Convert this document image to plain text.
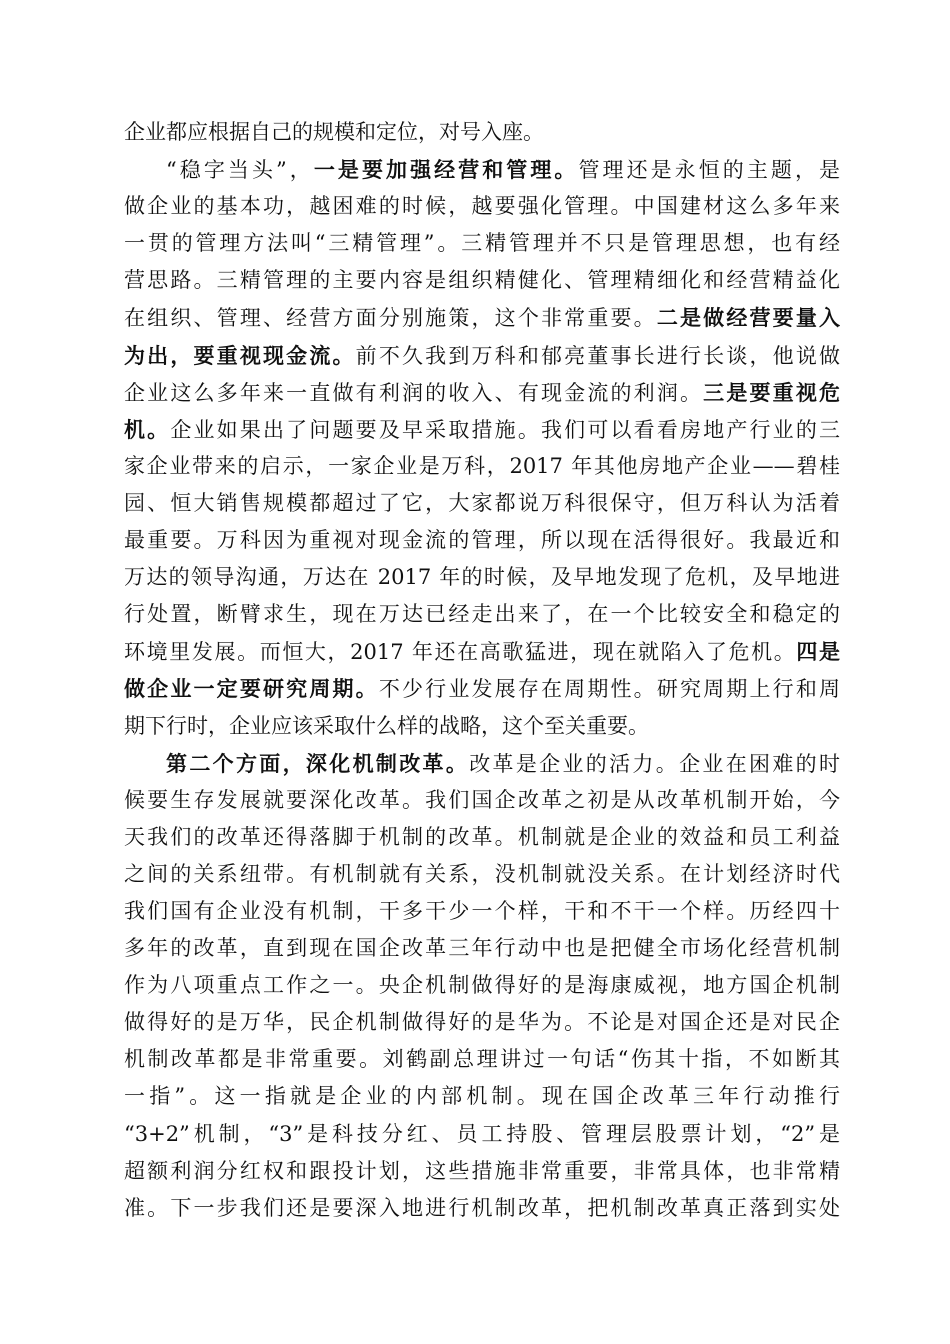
企业都应根据自己的规模和定位，对号入座。
“稳字当头”，一是要加强经营和管理。管理还是永恒的主题，是
做企业的基本功，越困难的时候，越要强化管理。中国建材这么多年来
一贯的管理方法叫“三精管理”。三精管理并不只是管理思想，也有经
营思路。三精管理的主要内容是组织精健化、管理精细化和经营精益化
在组织、管理、经营方面分别施策，这个非常重要。二是做经营要量入
为出，要重视现金流。前不久我到万科和郁亮董事长进行长谈，他说做
企业这么多年来一直做有利润的收入、有现金流的利润。三是要重视危
机。企业如果出了问题要及早采取措施。我们可以看看房地产行业的三
家企业带来的启示，一家企业是万科，2017 年其他房地产企业——碧桂
园、恒大销售规模都超过了它，大家都说万科很保守，但万科认为活着
最重要。万科因为重视对现金流的管理，所以现在活得很好。我最近和
万达的领导沟通，万达在 2017 年的时候，及早地发现了危机，及早地进
行处置，断臂求生，现在万达已经走出来了，在一个比较安全和稳定的
环境里发展。而恒大，2017 年还在高歌猛进，现在就陷入了危机。四是
做企业一定要研究周期。不少行业发展存在周期性。研究周期上行和周
期下行时，企业应该采取什么样的战略，这个至关重要。
第二个方面，深化机制改革。改革是企业的活力。企业在困难的时
候要生存发展就要深化改革。我们国企改革之初是从改革机制开始，今
天我们的改革还得落脚于机制的改革。机制就是企业的效益和员工利益
之间的关系纽带。有机制就有关系，没机制就没关系。在计划经济时代
我们国有企业没有机制，干多干少一个样，干和不干一个样。历经四十
多年的改革，直到现在国企改革三年行动中也是把健全市场化经营机制
作为八项重点工作之一。央企机制做得好的是海康威视，地方国企机制
做得好的是万华，民企机制做得好的是华为。不论是对国企还是对民企
机制改革都是非常重要。刘鹤副总理讲过一句话“伤其十指，不如断其
一指”。这一指就是企业的内部机制。现在国企改革三年行动推行
“3+2”机制，“3”是科技分红、员工持股、管理层股票计划，“2”是
超额利润分红权和跟投计划，这些措施非常重要，非常具体，也非常精
准。下一步我们还是要深入地进行机制改革，把机制改革真正落到实处
